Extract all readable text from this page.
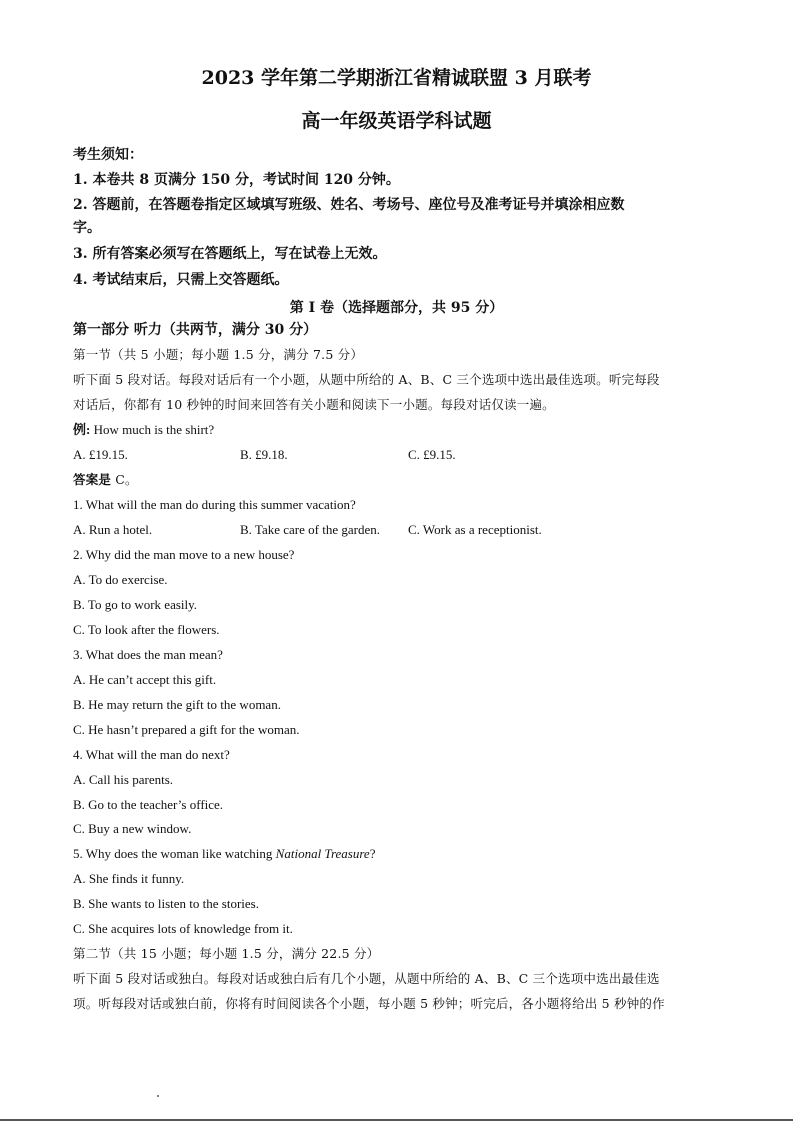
2023 学年第二学期浙江省精诚联盟 3 月联考
高一年级英语学科试题
考生须知：
1. 本卷共 8 页满分 150 分，考试时间 120 分钟。
2. 答题前，在答题卷指定区域填写班级、姓名、考场号、座位号及准考证号并填涂相应数
字。
3. 所有答案必须写在答题纸上，写在试卷上无效。
4. 考试结束后，只需上交答题纸。
第 I 卷（选择题部分，共 95 分）
第一部分 听力（共两节，满分 30 分）
第一节（共 5 小题；每小题 1.5 分，满分 7.5 分）
听下面 5 段对话。每段对话后有一个小题，从题中所给的 A、B、C 三个选项中选出最佳选项。听完每段
对话后，你都有 10 秒钟的时间来回答有关小题和阅读下一小题。每段对话仅读一遍。
例: How much is the shirt?
A. £19.15.	B. £9.18.	C. £9.15.
答案是 C。
1. What will the man do during this summer vacation?
A. Run a hotel.	B. Take care of the garden. C. Work as a receptionist.
2. Why did the man move to a new house?
A. To do exercise.
B. To go to work easily.
C. To look after the flowers.
3. What does the man mean?
A. He can’t accept this gift.
B. He may return the gift to the woman.
C. He hasn’t prepared a gift for the woman.
4. What will the man do next?
A. Call his parents.
B. Go to the teacher’s office.
C. Buy a new window.
5. Why does the woman like watching National Treasure?
A. She finds it funny.
B. She wants to listen to the stories.
C. She acquires lots of knowledge from it.
第二节（共 15 小题；每小题 1.5 分，满分 22.5 分）
听下面 5 段对话或独白。每段对话或独白后有几个小题，从题中所给的 A、B、C 三个选项中选出最佳选
项。听每段对话或独白前，你将有时间阅读各个小题，每小题 5 秒钟；听完后，各小题将给出 5 秒钟的作
